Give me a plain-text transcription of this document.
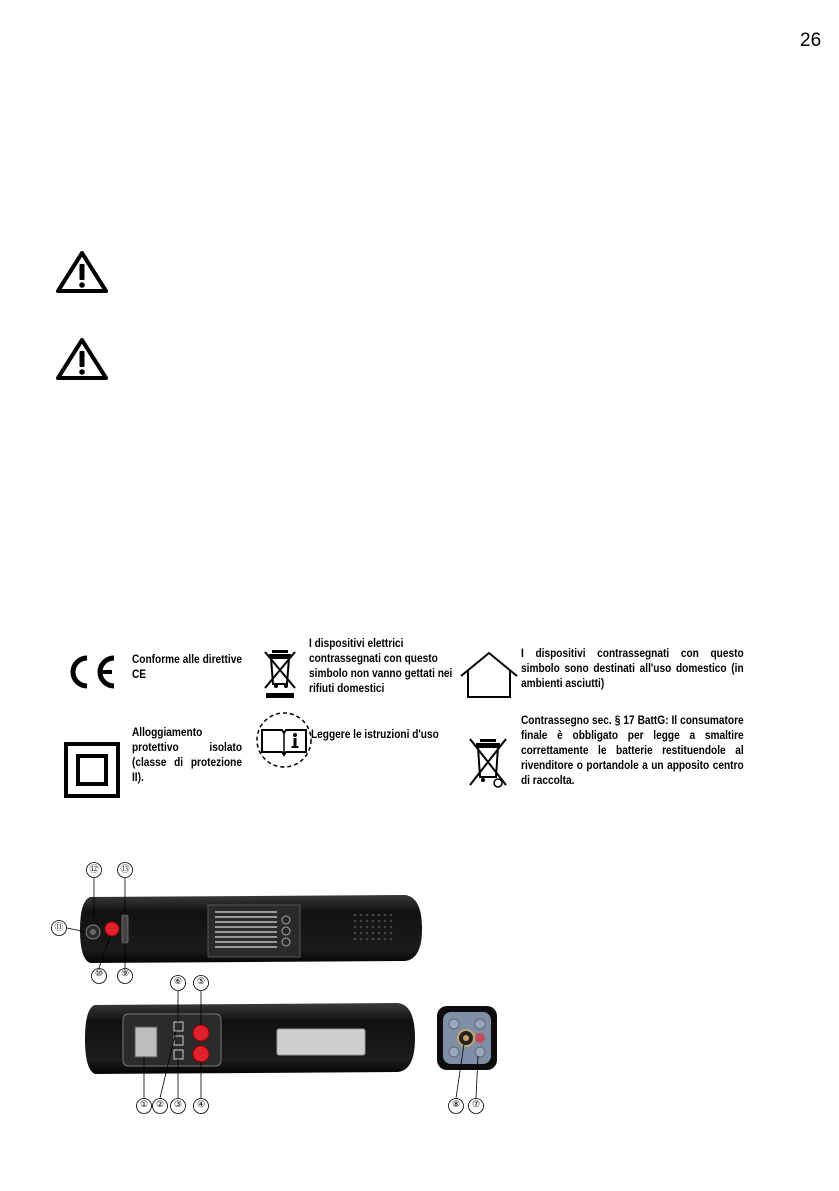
26
Conforme alle direttive CE
I dispositivi elettrici contrassegnati con questo simbolo non vanno gettati nei rifiuti domestici
I dispositivi contrassegnati con questo simbolo sono destinati all'uso domestico (in ambienti asciutti)
Alloggiamento protettivo isolato (classe di protezione II).
Leggere le istruzioni d'uso
Contrassegno sec. § 17 BattG: Il consumatore finale è obbligato per legge a smaltire correttamente le batterie restituendole al rivenditore o portandole a un apposito centro di raccolta.
⑫ ⑬
⑪
⑩	⑨
⑥	⑤
① ②	③	④	⑧	⑦
